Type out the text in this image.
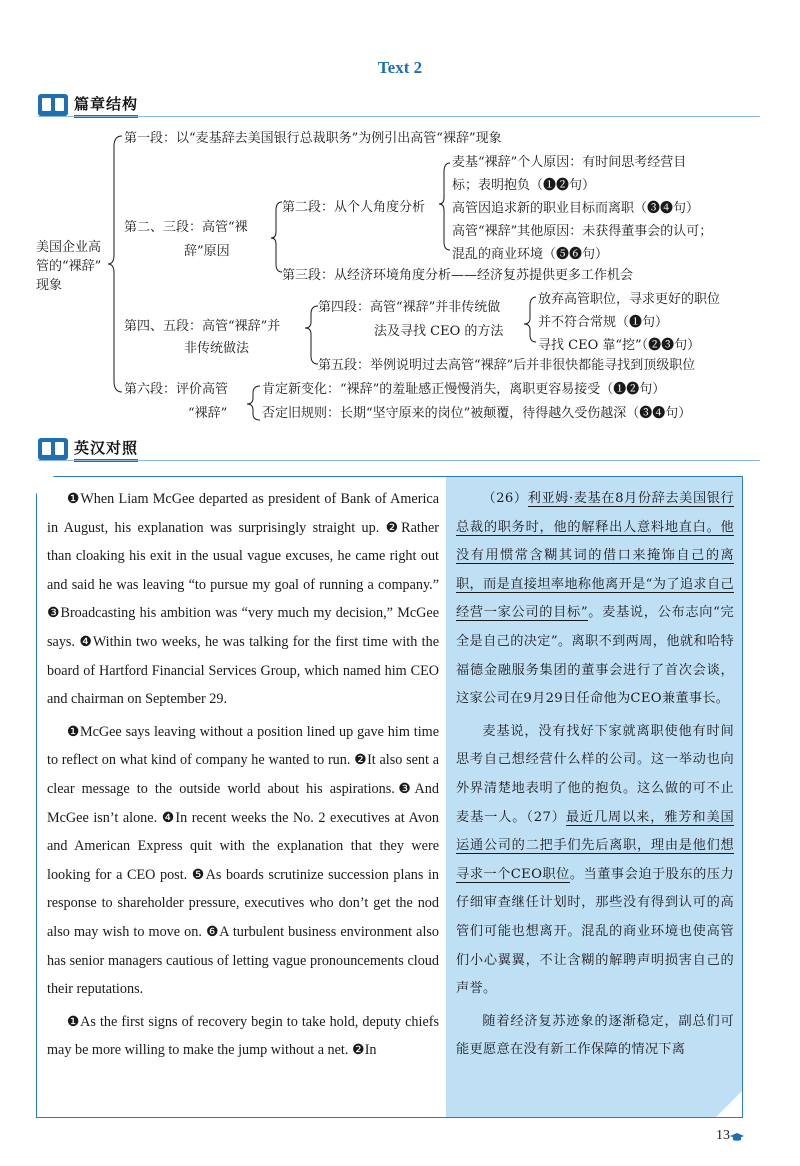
Text 2
篇章结构
美国企业高
管的“裸辞”
现象
第一段：以“麦基辞去美国银行总裁职务”为例引出高管“裸辞”现象
第二、三段：高管“裸
辞”原因
第二段：从个人角度分析
麦基“裸辞”个人原因：有时间思考经营目
标；表明抱负（❶❷句）
高管因追求新的职业目标而离职（❸❹句）
高管“裸辞”其他原因：未获得董事会的认可；
混乱的商业环境（❺❻句）
第三段：从经济环境角度分析——经济复苏提供更多工作机会
第四、五段：高管“裸辞”并
非传统做法
第四段：高管“裸辞”并非传统做
法及寻找 CEO 的方法
放弃高管职位，寻求更好的职位
并不符合常规（❶句）
寻找 CEO 靠“挖”（❷❸句）
第五段：举例说明过去高管“裸辞”后并非很快都能寻找到顶级职位
第六段：评价高管
“裸辞”
肯定新变化：“裸辞”的羞耻感正慢慢消失，离职更容易接受（❶❷句）
否定旧规则：长期“坚守原来的岗位”被颠覆，待得越久受伤越深（❸❹句）
英汉对照

❶When Liam McGee departed as president of Bank of America in August, his explanation was surprisingly straight up. ❷Rather than cloaking his exit in the usual vague excuses, he came right out and said he was leaving “to pursue my goal of running a company.” ❸Broadcasting his ambition was “very much my decision,” McGee says. ❹Within two weeks, he was talking for the first time with the board of Hartford Financial Services Group, which named him CEO and chairman on September 29.

❶McGee says leaving without a position lined up gave him time to reflect on what kind of company he wanted to run. ❷It also sent a clear message to the outside world about his aspirations.❸And McGee isn’t alone. ❹In recent weeks the No. 2 executives at Avon and American Express quit with the explanation that they were looking for a CEO post. ❺As boards scrutinize succession plans in response to shareholder pressure, executives who don’t get the nod also may wish to move on. ❻A turbulent business environment also has senior managers cautious of letting vague pronouncements cloud their reputations.

❶As the first signs of recovery begin to take hold, deputy chiefs may be more willing to make the jump without a net. ❷In

（26）利亚姆·麦基在8月份辞去美国银行总裁的职务时，他的解释出人意料地直白。他没有用惯常含糊其词的借口来掩饰自己的离职，而是直接坦率地称他离开是“为了追求自己经营一家公司的目标”。麦基说，公布志向“完全是自己的决定”。离职不到两周，他就和哈特福德金融服务集团的董事会进行了首次会谈，这家公司在9月29日任命他为CEO兼董事长。

麦基说，没有找好下家就离职使他有时间思考自己想经营什么样的公司。这一举动也向外界清楚地表明了他的抱负。这么做的可不止麦基一人。（27）最近几周以来，雅芳和美国运通公司的二把手们先后离职，理由是他们想寻求一个CEO职位。当董事会迫于股东的压力仔细审查继任计划时，那些没有得到认可的高管们可能也想离开。混乱的商业环境也使高管们小心翼翼，不让含糊的解聘声明损害自己的声誉。

随着经济复苏迹象的逐渐稳定，副总们可能更愿意在没有新工作保障的情况下离

13
